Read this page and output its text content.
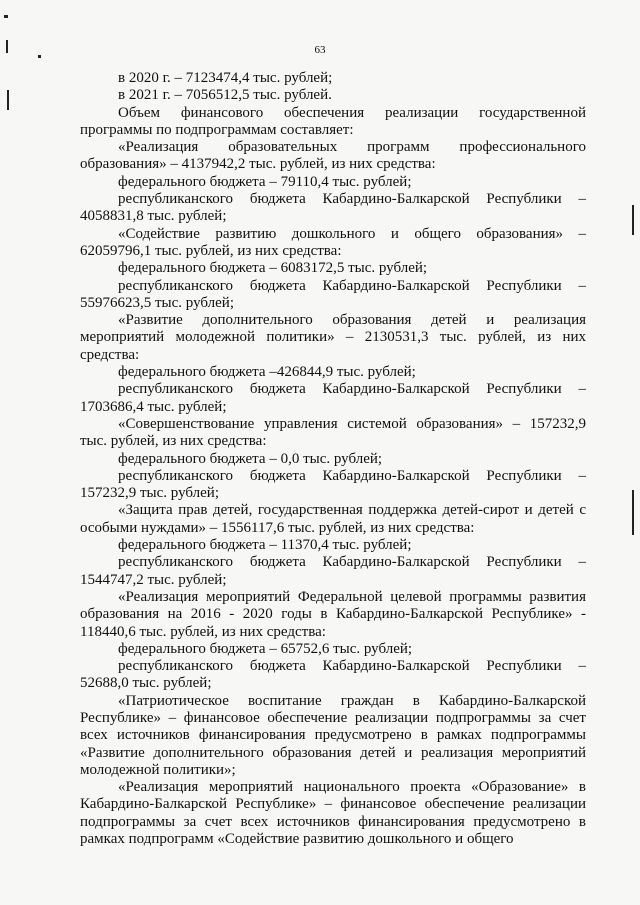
63

в 2020 г. – 7123474,4 тыс. рублей;

в 2021 г. – 7056512,5 тыс. рублей.

Объем финансового обеспечения реализации государственной программы по подпрограммам составляет:

«Реализация образовательных программ профессионального образования» – 4137942,2 тыс. рублей, из них средства:

федерального бюджета – 79110,4 тыс. рублей;

республиканского бюджета Кабардино-Балкарской Республики – 4058831,8 тыс. рублей;

«Содействие развитию дошкольного и общего образования» – 62059796,1 тыс. рублей, из них средства:

федерального бюджета – 6083172,5 тыс. рублей;

республиканского бюджета Кабардино-Балкарской Республики – 55976623,5 тыс. рублей;

«Развитие дополнительного образования детей и реализация мероприятий молодежной политики» – 2130531,3 тыс. рублей, из них средства:

федерального бюджета –426844,9 тыс. рублей;

республиканского бюджета Кабардино-Балкарской Республики – 1703686,4 тыс. рублей;

«Совершенствование управления системой образования» – 157232,9 тыс. рублей, из них средства:

федерального бюджета – 0,0 тыс. рублей;

республиканского бюджета Кабардино-Балкарской Республики – 157232,9 тыс. рублей;

«Защита прав детей, государственная поддержка детей-сирот и детей с особыми нуждами» – 1556117,6 тыс. рублей, из них средства:

федерального бюджета – 11370,4 тыс. рублей;

республиканского бюджета Кабардино-Балкарской Республики – 1544747,2 тыс. рублей;

«Реализация мероприятий Федеральной целевой программы развития образования на 2016 - 2020 годы в Кабардино-Балкарской Республике» - 118440,6 тыс. рублей, из них средства:

федерального бюджета – 65752,6 тыс. рублей;

республиканского бюджета Кабардино-Балкарской Республики – 52688,0 тыс. рублей;

«Патриотическое воспитание граждан в Кабардино-Балкарской Республике» – финансовое обеспечение реализации подпрограммы за счет всех источников финансирования предусмотрено в рамках подпрограммы «Развитие дополнительного образования детей и реализация мероприятий молодежной политики»;

«Реализация мероприятий национального проекта «Образование» в Кабардино-Балкарской Республике» – финансовое обеспечение реализации подпрограммы за счет всех источников финансирования предусмотрено в рамках подпрограмм «Содействие развитию дошкольного и общего
